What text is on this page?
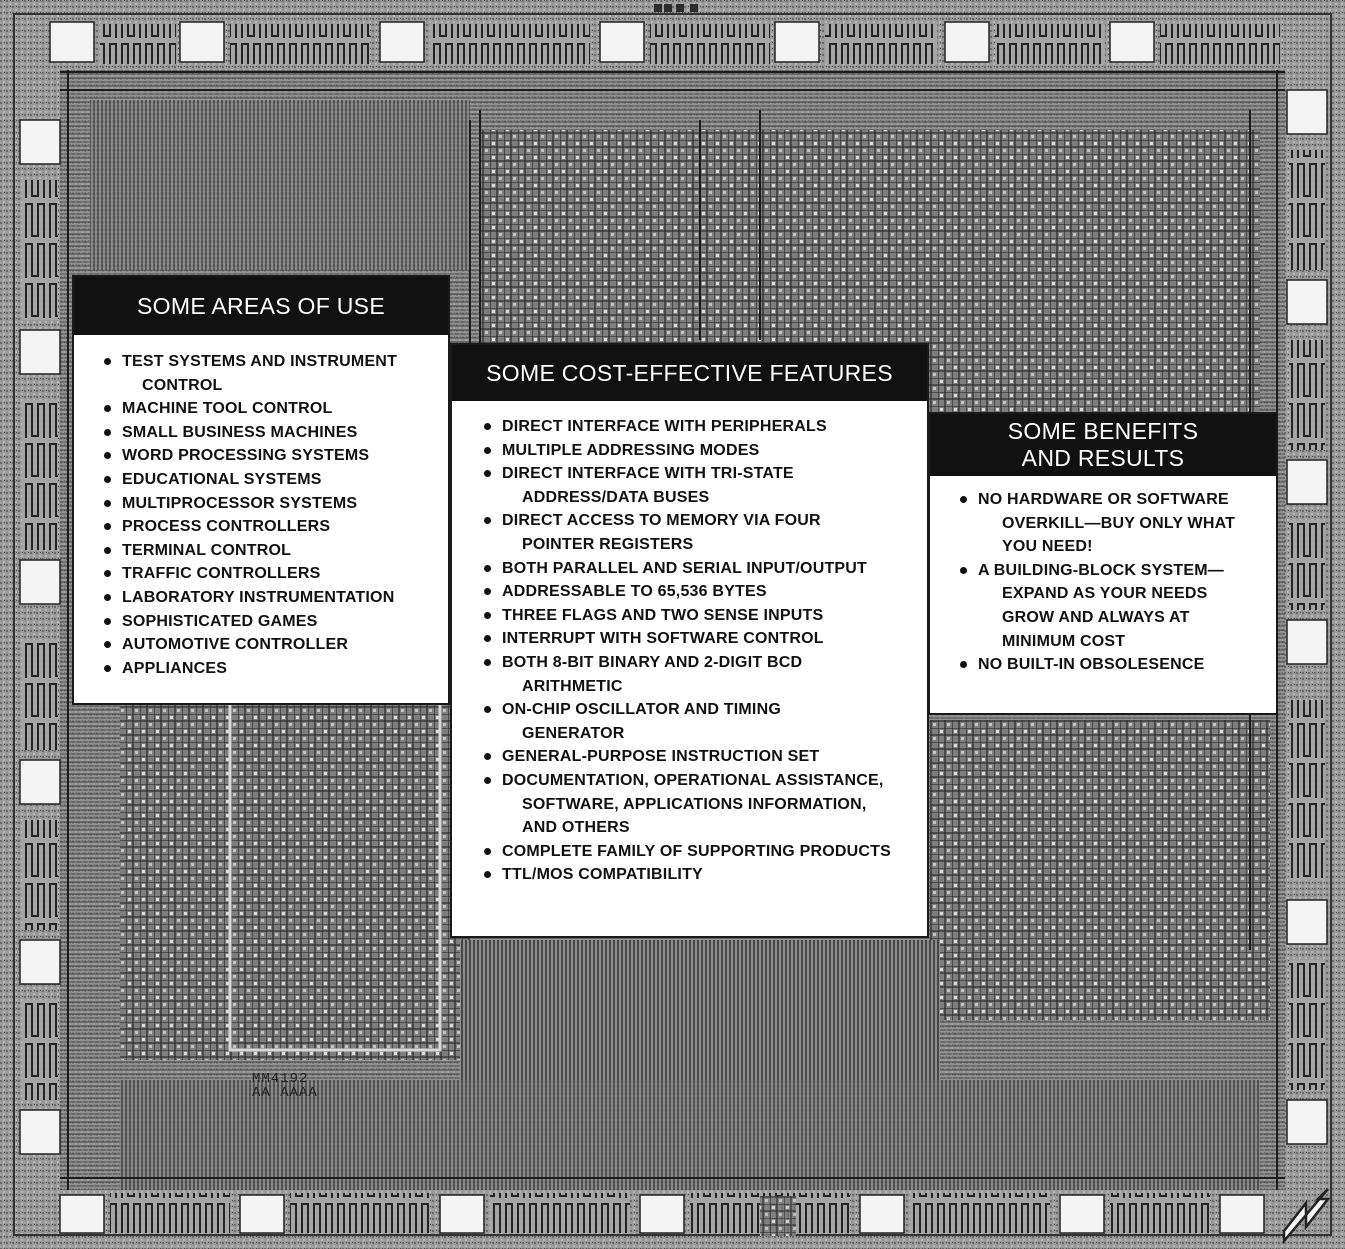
MM4192
AA AAAA
SOME AREAS OF USE
TEST SYSTEMS AND INSTRUMENT
CONTROL
MACHINE TOOL CONTROL
SMALL BUSINESS MACHINES
WORD PROCESSING SYSTEMS
EDUCATIONAL SYSTEMS
MULTIPROCESSOR SYSTEMS
PROCESS CONTROLLERS
TERMINAL CONTROL
TRAFFIC CONTROLLERS
LABORATORY INSTRUMENTATION
SOPHISTICATED GAMES
AUTOMOTIVE CONTROLLER
APPLIANCES
SOME COST-EFFECTIVE FEATURES
DIRECT INTERFACE WITH PERIPHERALS
MULTIPLE ADDRESSING MODES
DIRECT INTERFACE WITH TRI-STATE
ADDRESS/DATA BUSES
DIRECT ACCESS TO MEMORY VIA FOUR
POINTER REGISTERS
BOTH PARALLEL AND SERIAL INPUT/OUTPUT
ADDRESSABLE TO 65,536 BYTES
THREE FLAGS AND TWO SENSE INPUTS
INTERRUPT WITH SOFTWARE CONTROL
BOTH 8-BIT BINARY AND 2-DIGIT BCD
ARITHMETIC
ON-CHIP OSCILLATOR AND TIMING
GENERATOR
GENERAL-PURPOSE INSTRUCTION SET
DOCUMENTATION, OPERATIONAL ASSISTANCE,
SOFTWARE, APPLICATIONS INFORMATION,
AND OTHERS
COMPLETE FAMILY OF SUPPORTING PRODUCTS
TTL/MOS COMPATIBILITY
SOME BENEFITS
AND RESULTS
NO HARDWARE OR SOFTWARE
OVERKILL—BUY ONLY WHAT
YOU NEED!
A BUILDING-BLOCK SYSTEM—
EXPAND AS YOUR NEEDS
GROW AND ALWAYS AT
MINIMUM COST
NO BUILT-IN OBSOLESENCE
